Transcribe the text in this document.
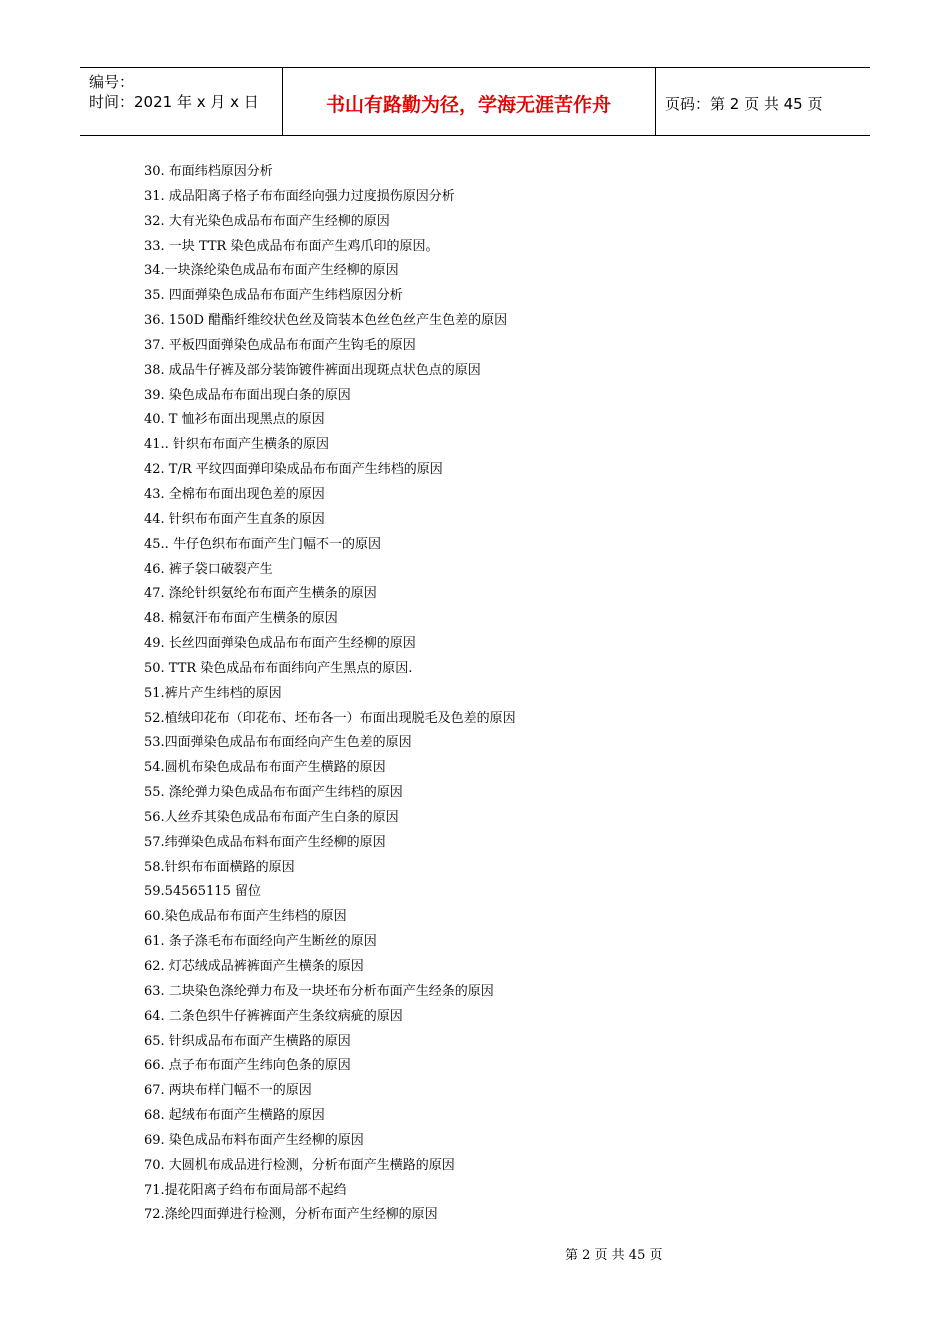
编号：
时间：2021 年 x 月 x 日	书山有路勤为径，学海无涯苦作舟	页码：第 2 页 共 45 页
30. 布面纬档原因分析
31. 成品阳离子格子布布面经向强力过度损伤原因分析
32. 大有光染色成品布布面产生经柳的原因
33. 一块 TTR 染色成品布布面产生鸡爪印的原因。
34.一块涤纶染色成品布布面产生经柳的原因
35. 四面弹染色成品布布面产生纬档原因分析
36. 150D 醋酯纤维绞状色丝及筒装本色丝色丝产生色差的原因
37. 平板四面弹染色成品布布面产生钩毛的原因
38. 成品牛仔裤及部分装饰镀件裤面出现斑点状色点的原因
39. 染色成品布布面出现白条的原因
40. T 恤衫布面出现黑点的原因
41.. 针织布布面产生横条的原因
42. T/R 平纹四面弹印染成品布布面产生纬档的原因
43. 全棉布布面出现色差的原因
44. 针织布布面产生直条的原因
45.. 牛仔色织布布面产生门幅不一的原因
46. 裤子袋口破裂产生
47. 涤纶针织氨纶布布面产生横条的原因
48. 棉氨汗布布面产生横条的原因
49. 长丝四面弹染色成品布布面产生经柳的原因
50. TTR 染色成品布布面纬向产生黑点的原因.
51.裤片产生纬档的原因
52.植绒印花布（印花布、坯布各一）布面出现脱毛及色差的原因
53.四面弹染色成品布布面经向产生色差的原因
54.圆机布染色成品布布面产生横路的原因
55. 涤纶弹力染色成品布布面产生纬档的原因
56.人丝乔其染色成品布布面产生白条的原因
57.纬弹染色成品布料布面产生经柳的原因
58.针织布布面横路的原因
59.54565115 留位
60.染色成品布布面产生纬档的原因
61. 条子涤毛布布面经向产生断丝的原因
62. 灯芯绒成品裤裤面产生横条的原因
63. 二块染色涤纶弹力布及一块坯布分析布面产生经条的原因
64. 二条色织牛仔裤裤面产生条纹病疵的原因
65. 针织成品布布面产生横路的原因
66. 点子布布面产生纬向色条的原因
67. 两块布样门幅不一的原因
68. 起绒布布面产生横路的原因
69. 染色成品布料布面产生经柳的原因
70. 大圆机布成品进行检测，分析布面产生横路的原因
71.提花阳离子绉布布面局部不起绉
72.涤纶四面弹进行检测，分析布面产生经柳的原因
第 2 页 共 45 页
